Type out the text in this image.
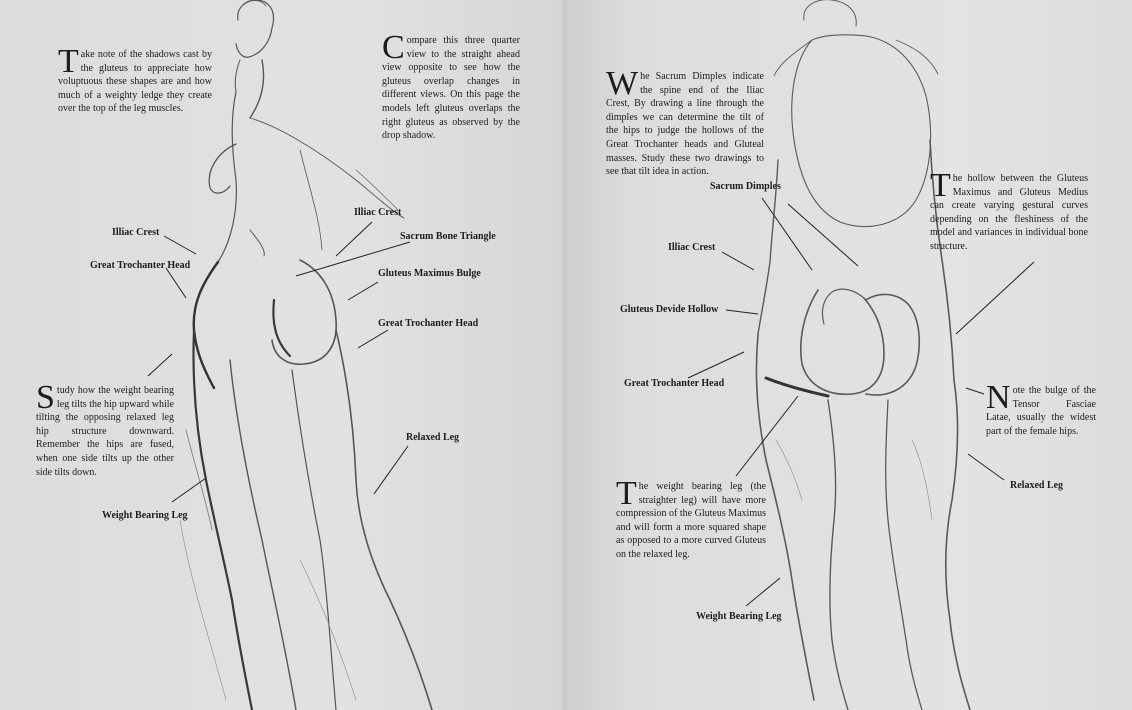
Take note of the shadows cast by the gluteus to appreciate how voluptuous these shapes are and how much of a weighty ledge they create over the top of the leg muscles.

Compare this three quarter view to the straight ahead view opposite to see how the gluteus overlap changes in different views. On this page the models left gluteus overlaps the right gluteus as observed by the drop shadow.

Study how the weight bearing leg tilts the hip upward while tilting the opposing relaxed leg hip structure downward. Remember the hips are fused, when one side tilts up the other side tilts down.

Illiac Crest
Great Trochanter Head
Illiac Crest
Sacrum Bone Triangle
Gluteus Maximus Bulge
Great Trochanter Head
Relaxed Leg
Weight Bearing Leg

Whe Sacrum Dimples indicate the spine end of the Iliac Crest, By drawing a line through the dimples we can determine the tilt of the hips to judge the hollows of the Great Trochanter heads and Gluteal masses. Study these two drawings to see that tilt idea in action.	The hollow between the Gluteus Maximus and Gluteus Medius can create varying gestural curves depending on the fleshiness of the model and variances in individual bone structure.

Note the bulge of the Tensor Fasciae Latae, usually the widest part of the female hips.

The weight bearing leg (the straighter leg) will have more compression of the Gluteus Maximus and will form a more squared shape as opposed to a more curved Gluteus on the relaxed leg.

Sacrum Dimples
Illiac Crest
Gluteus Devide Hollow
Great Trochanter Head
Relaxed Leg
Weight Bearing Leg
